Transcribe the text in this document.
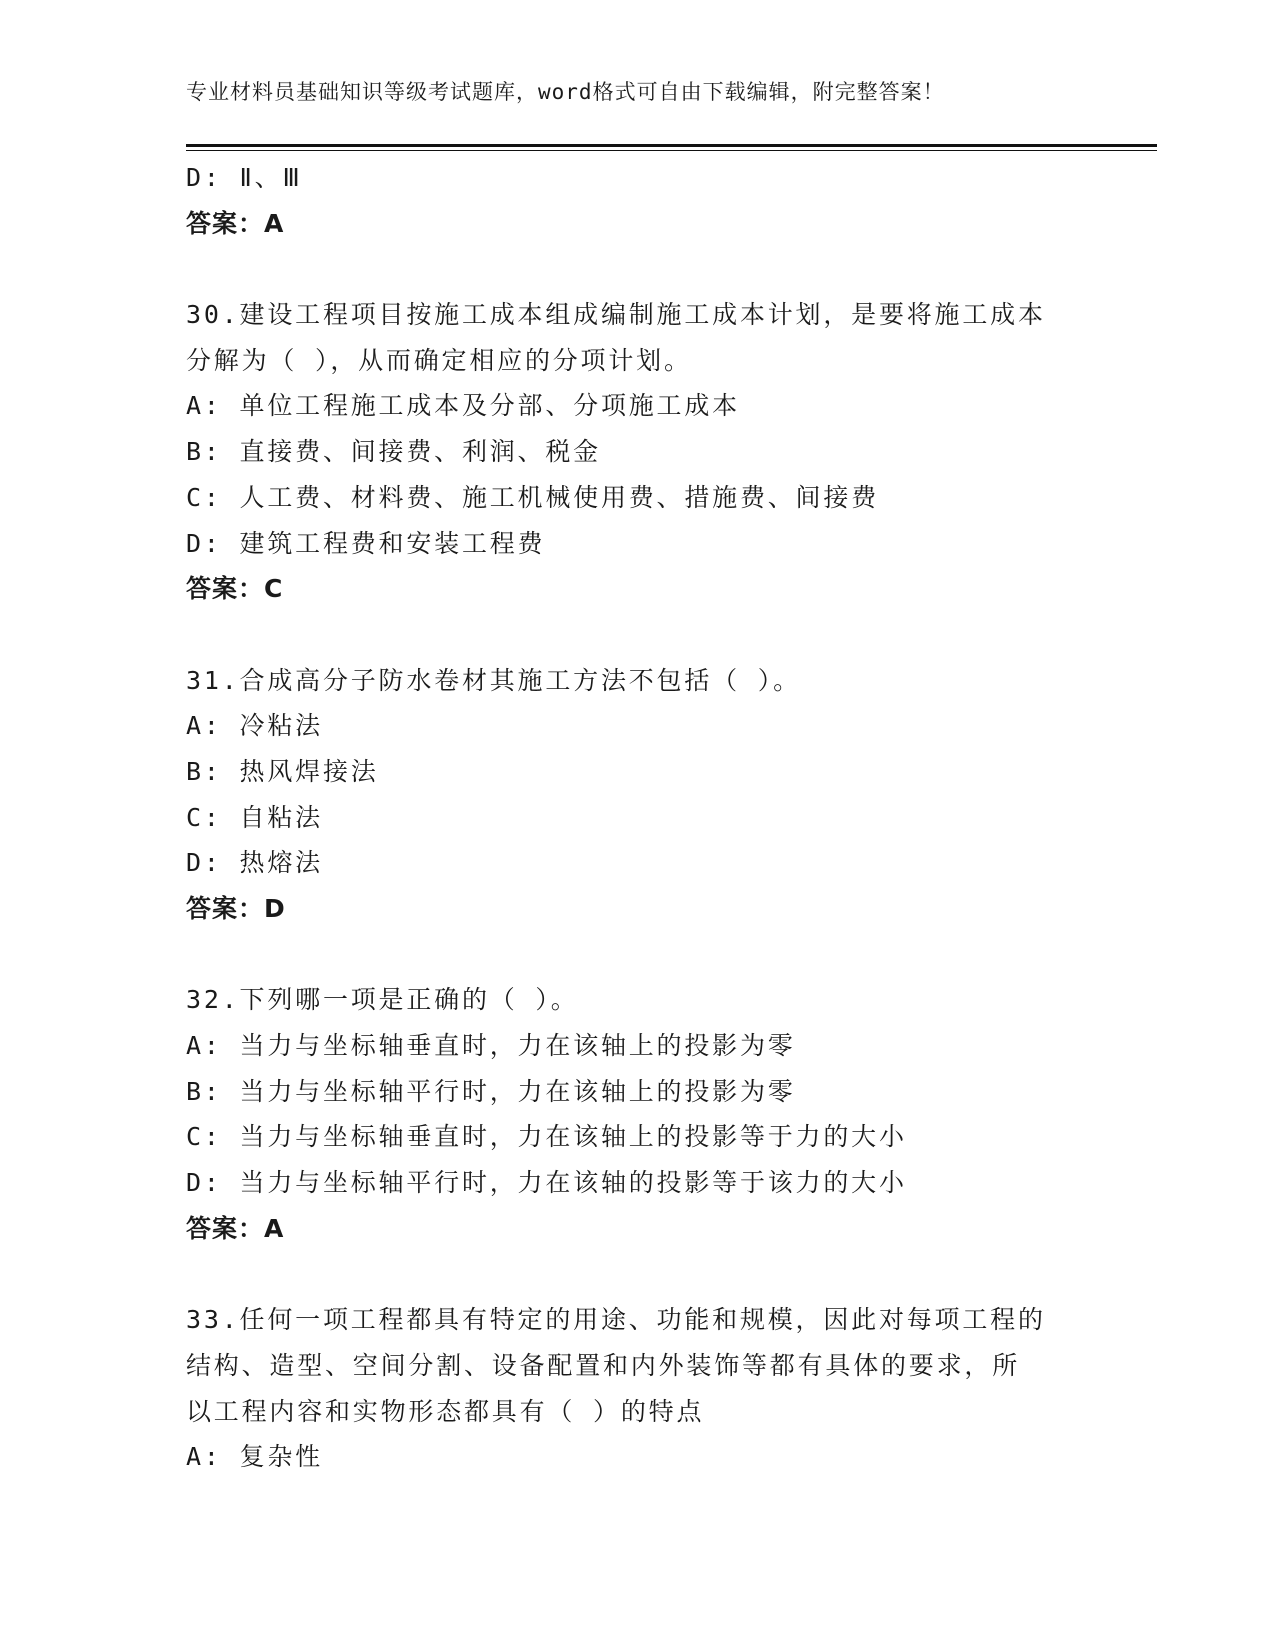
专业材料员基础知识等级考试题库，word格式可自由下载编辑，附完整答案！
D: Ⅱ、Ⅲ
答案：A
30.建设工程项目按施工成本组成编制施工成本计划，是要将施工成本
分解为（ ），从而确定相应的分项计划。
A: 单位工程施工成本及分部、分项施工成本
B: 直接费、间接费、利润、税金
C: 人工费、材料费、施工机械使用费、措施费、间接费
D: 建筑工程费和安装工程费
答案：C
31.合成高分子防水卷材其施工方法不包括（ ）。
A: 冷粘法
B: 热风焊接法
C: 自粘法
D: 热熔法
答案：D
32.下列哪一项是正确的（ ）。
A: 当力与坐标轴垂直时，力在该轴上的投影为零
B: 当力与坐标轴平行时，力在该轴上的投影为零
C: 当力与坐标轴垂直时，力在该轴上的投影等于力的大小
D: 当力与坐标轴平行时，力在该轴的投影等于该力的大小
答案：A
33.任何一项工程都具有特定的用途、功能和规模，因此对每项工程的
结构、造型、空间分割、设备配置和内外装饰等都有具体的要求，所
以工程内容和实物形态都具有（ ）的特点
A: 复杂性
